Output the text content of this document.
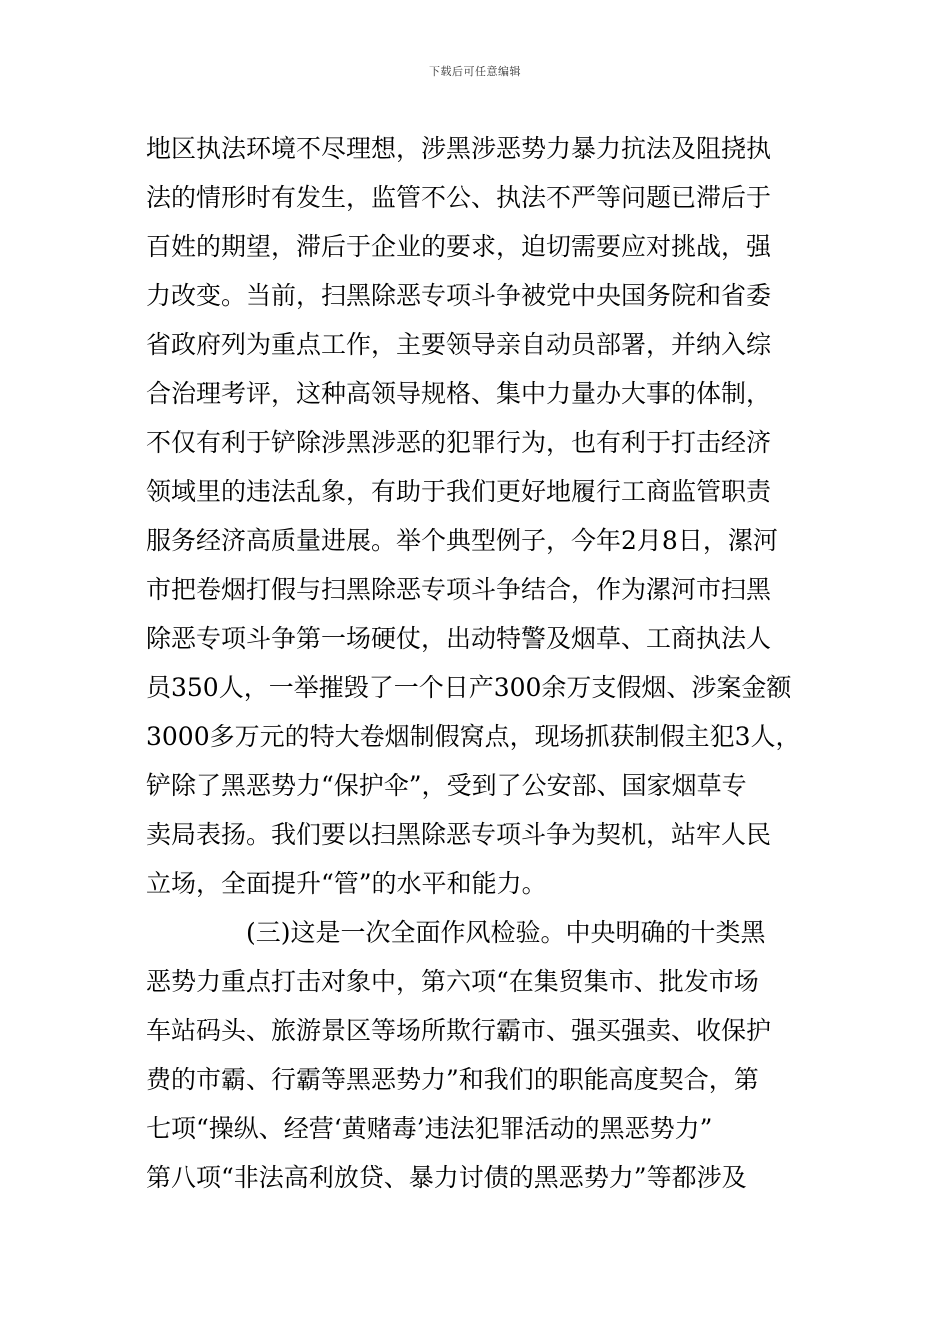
下载后可任意编辑
地区执法环境不尽理想，涉黑涉恶势力暴力抗法及阻挠执
法的情形时有发生，监管不公、执法不严等问题已滞后于
百姓的期望，滞后于企业的要求，迫切需要应对挑战，强
力改变。当前，扫黑除恶专项斗争被党中央国务院和省委
省政府列为重点工作，主要领导亲自动员部署，并纳入综
合治理考评，这种高领导规格、集中力量办大事的体制，
不仅有利于铲除涉黑涉恶的犯罪行为，也有利于打击经济
领域里的违法乱象，有助于我们更好地履行工商监管职责
服务经济高质量进展。举个典型例子，今年2月8日，漯河
市把卷烟打假与扫黑除恶专项斗争结合，作为漯河市扫黑
除恶专项斗争第一场硬仗，出动特警及烟草、工商执法人
员350人，一举摧毁了一个日产300余万支假烟、涉案金额
3000多万元的特大卷烟制假窝点，现场抓获制假主犯3人，
铲除了黑恶势力“保护伞”，受到了公安部、国家烟草专
卖局表扬。我们要以扫黑除恶专项斗争为契机，站牢人民
立场，全面提升“管”的水平和能力。
(三)这是一次全面作风检验。中央明确的十类黑
恶势力重点打击对象中，第六项“在集贸集市、批发市场
车站码头、旅游景区等场所欺行霸市、强买强卖、收保护
费的市霸、行霸等黑恶势力”和我们的职能高度契合，第
七项“操纵、经营‘黄赌毒’违法犯罪活动的黑恶势力”
第八项“非法高利放贷、暴力讨债的黑恶势力”等都涉及
